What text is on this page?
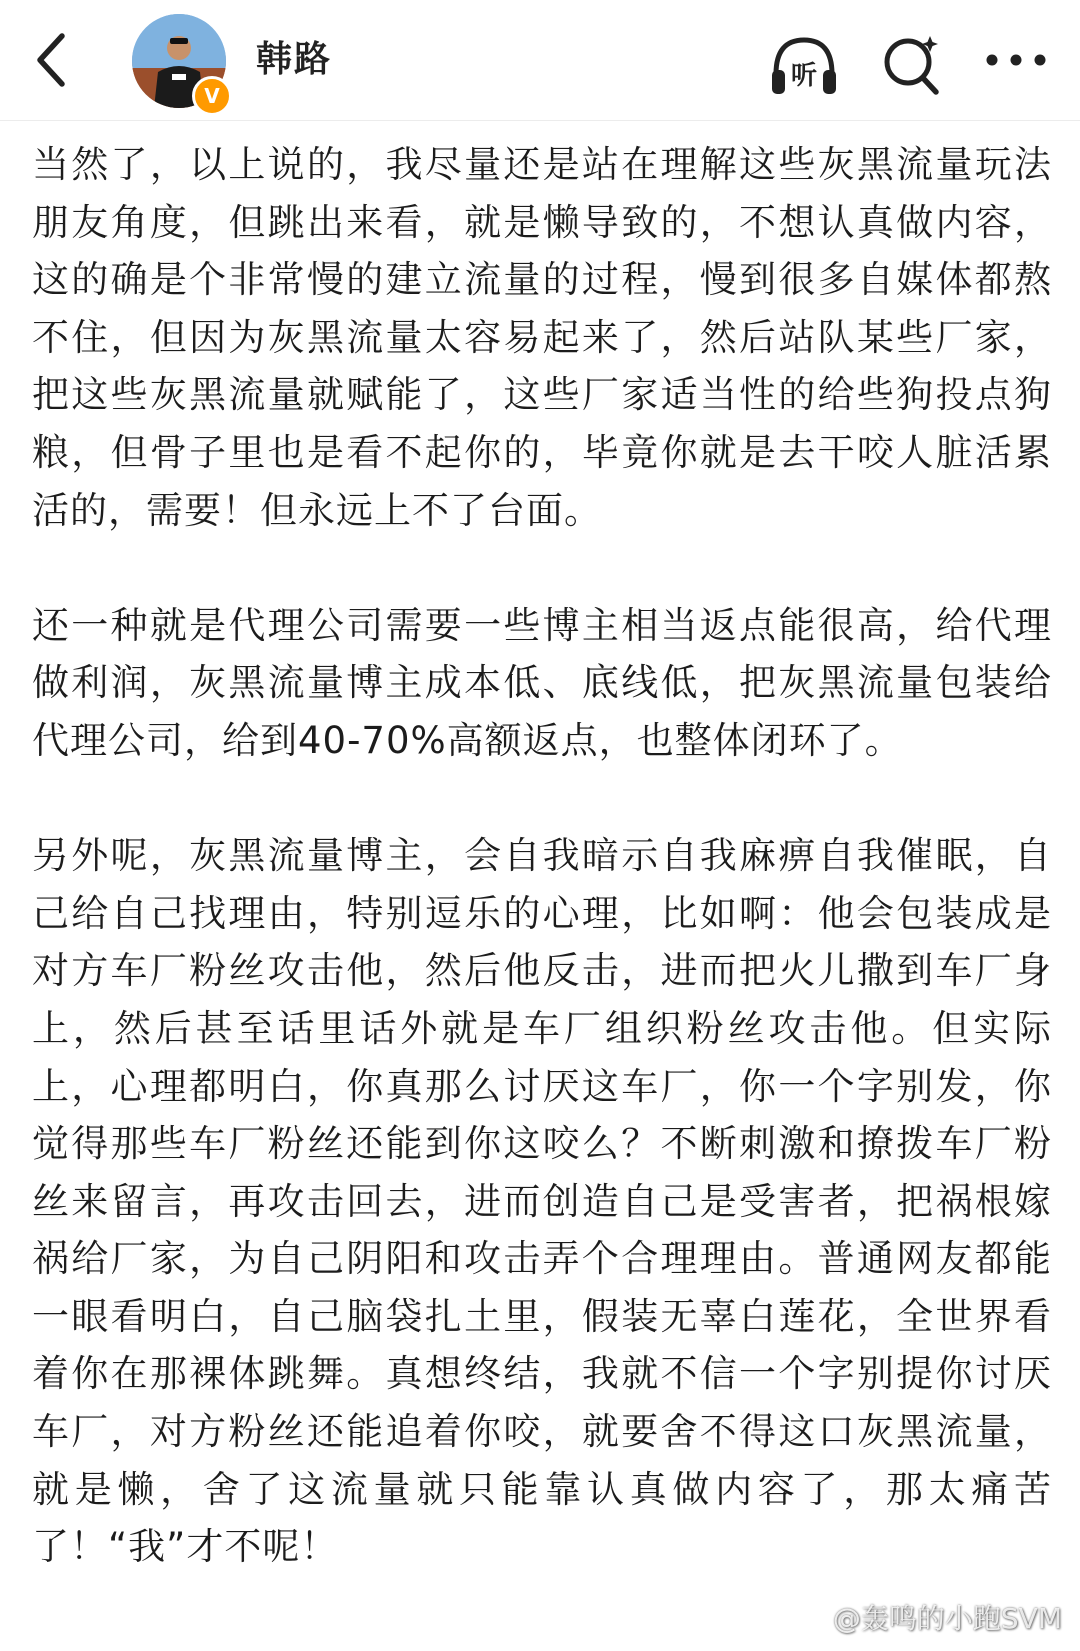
V
韩路	听

当然了，以上说的，我尽量还是站在理解这些灰黑流量玩法朋友角度，但跳出来看，就是懒导致的，不想认真做内容，这的确是个非常慢的建立流量的过程，慢到很多自媒体都熬不住，但因为灰黑流量太容易起来了，然后站队某些厂家，把这些灰黑流量就赋能了，这些厂家适当性的给些狗投点狗粮，但骨子里也是看不起你的，毕竟你就是去干咬人脏活累活的，需要！但永远上不了台面。

还一种就是代理公司需要一些博主相当返点能很高，给代理做利润，灰黑流量博主成本低、底线低，把灰黑流量包装给代理公司，给到40-70%高额返点，也整体闭环了。

另外呢，灰黑流量博主，会自我暗示自我麻痹自我催眠，自己给自己找理由，特别逗乐的心理，比如啊：他会包装成是对方车厂粉丝攻击他，然后他反击，进而把火儿撒到车厂身上，然后甚至话里话外就是车厂组织粉丝攻击他。但实际上，心理都明白，你真那么讨厌这车厂，你一个字别发，你觉得那些车厂粉丝还能到你这咬么？不断刺激和撩拨车厂粉丝来留言，再攻击回去，进而创造自己是受害者，把祸根嫁祸给厂家，为自己阴阳和攻击弄个合理理由。普通网友都能一眼看明白，自己脑袋扎土里，假装无辜白莲花，全世界看着你在那裸体跳舞。真想终结，我就不信一个字别提你讨厌车厂，对方粉丝还能追着你咬，就要舍不得这口灰黑流量，就是懒，舍了这流量就只能靠认真做内容了，那太痛苦了！“我”才不呢！

@轰鸣的小跑SVM
